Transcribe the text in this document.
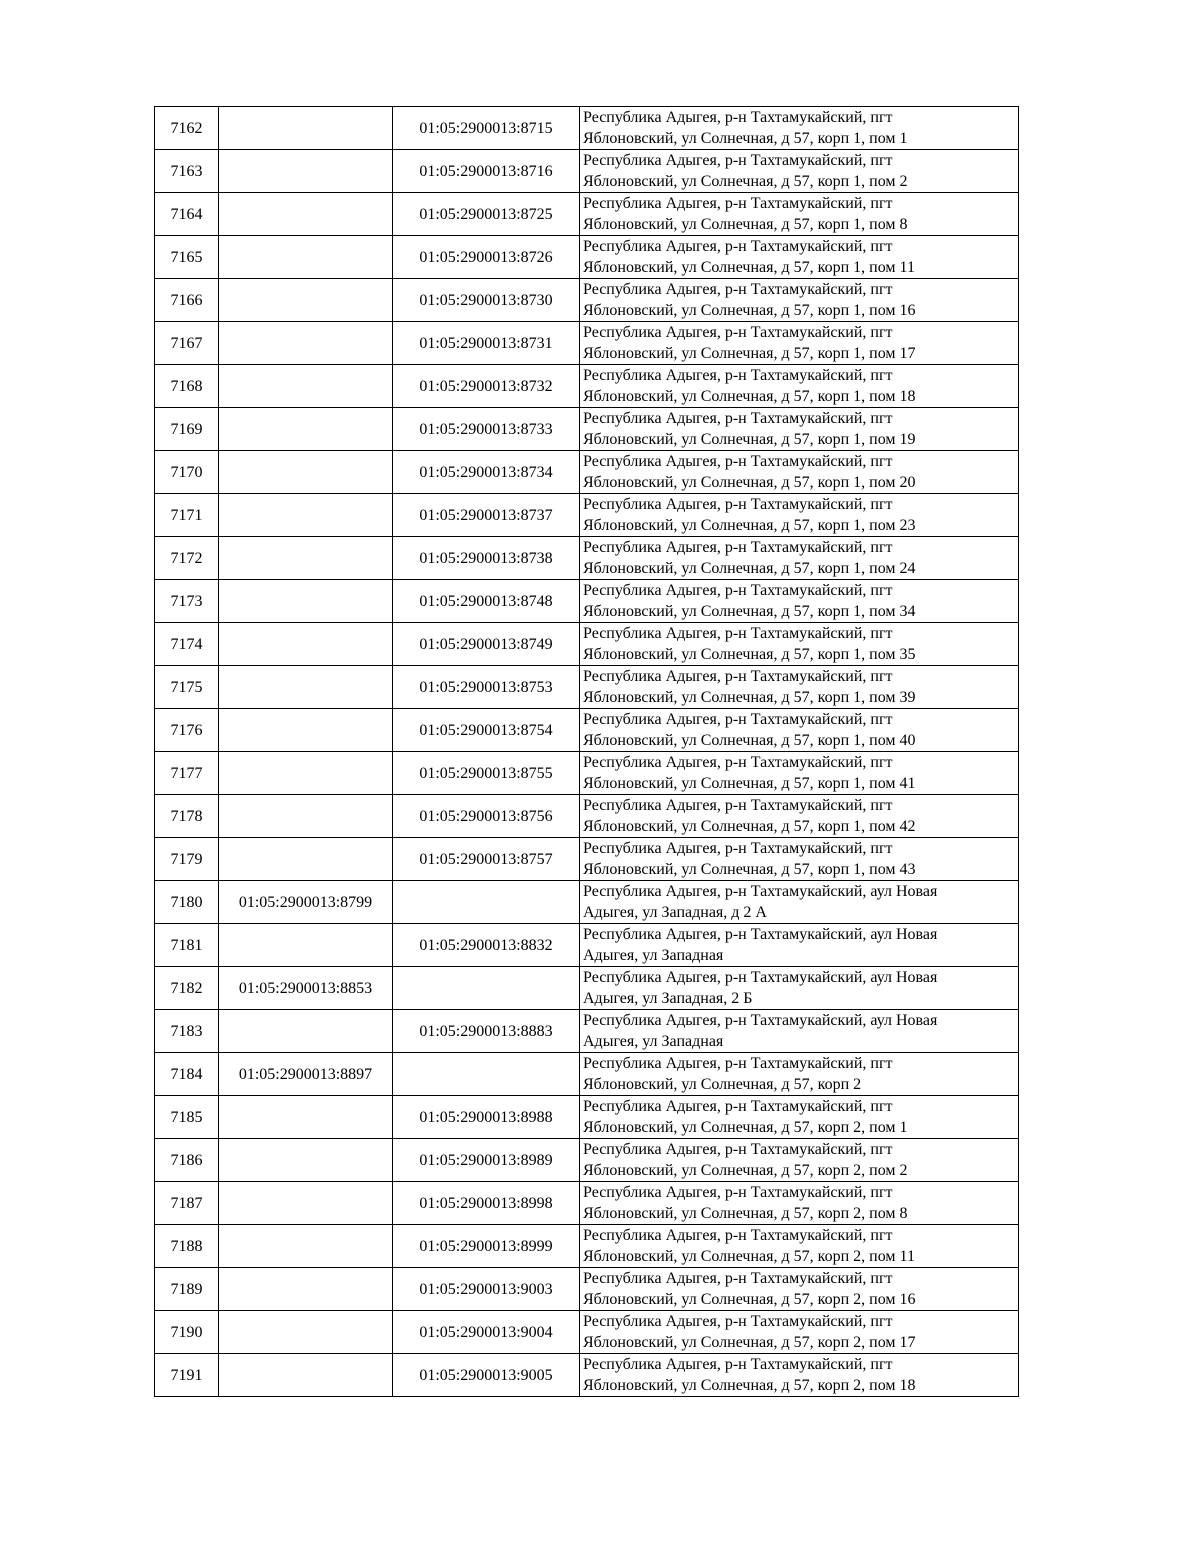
7162		01:05:2900013:8715	Республика Адыгея, р-н Тахтамукайский, пгт
Яблоновский, ул Солнечная, д 57, корп 1, пом 1

7163		01:05:2900013:8716	Республика Адыгея, р-н Тахтамукайский, пгт
Яблоновский, ул Солнечная, д 57, корп 1, пом 2

7164		01:05:2900013:8725	Республика Адыгея, р-н Тахтамукайский, пгт
Яблоновский, ул Солнечная, д 57, корп 1, пом 8

7165		01:05:2900013:8726	Республика Адыгея, р-н Тахтамукайский, пгт
Яблоновский, ул Солнечная, д 57, корп 1, пом 11

7166		01:05:2900013:8730	Республика Адыгея, р-н Тахтамукайский, пгт
Яблоновский, ул Солнечная, д 57, корп 1, пом 16

7167		01:05:2900013:8731	Республика Адыгея, р-н Тахтамукайский, пгт
Яблоновский, ул Солнечная, д 57, корп 1, пом 17

7168		01:05:2900013:8732	Республика Адыгея, р-н Тахтамукайский, пгт
Яблоновский, ул Солнечная, д 57, корп 1, пом 18

7169		01:05:2900013:8733	Республика Адыгея, р-н Тахтамукайский, пгт
Яблоновский, ул Солнечная, д 57, корп 1, пом 19

7170		01:05:2900013:8734	Республика Адыгея, р-н Тахтамукайский, пгт
Яблоновский, ул Солнечная, д 57, корп 1, пом 20

7171		01:05:2900013:8737	Республика Адыгея, р-н Тахтамукайский, пгт
Яблоновский, ул Солнечная, д 57, корп 1, пом 23

7172		01:05:2900013:8738	Республика Адыгея, р-н Тахтамукайский, пгт
Яблоновский, ул Солнечная, д 57, корп 1, пом 24

7173		01:05:2900013:8748	Республика Адыгея, р-н Тахтамукайский, пгт
Яблоновский, ул Солнечная, д 57, корп 1, пом 34

7174		01:05:2900013:8749	Республика Адыгея, р-н Тахтамукайский, пгт
Яблоновский, ул Солнечная, д 57, корп 1, пом 35

7175		01:05:2900013:8753	Республика Адыгея, р-н Тахтамукайский, пгт
Яблоновский, ул Солнечная, д 57, корп 1, пом 39

7176		01:05:2900013:8754	Республика Адыгея, р-н Тахтамукайский, пгт
Яблоновский, ул Солнечная, д 57, корп 1, пом 40

7177		01:05:2900013:8755	Республика Адыгея, р-н Тахтамукайский, пгт
Яблоновский, ул Солнечная, д 57, корп 1, пом 41

7178		01:05:2900013:8756	Республика Адыгея, р-н Тахтамукайский, пгт
Яблоновский, ул Солнечная, д 57, корп 1, пом 42

7179		01:05:2900013:8757	Республика Адыгея, р-н Тахтамукайский, пгт
Яблоновский, ул Солнечная, д 57, корп 1, пом 43

7180	01:05:2900013:8799		Республика Адыгея, р-н Тахтамукайский, аул Новая
Адыгея, ул Западная, д 2 А

7181		01:05:2900013:8832	Республика Адыгея, р-н Тахтамукайский, аул Новая
Адыгея, ул Западная

7182	01:05:2900013:8853		Республика Адыгея, р-н Тахтамукайский, аул Новая
Адыгея, ул Западная, 2 Б

7183		01:05:2900013:8883	Республика Адыгея, р-н Тахтамукайский, аул Новая
Адыгея, ул Западная

7184	01:05:2900013:8897		Республика Адыгея, р-н Тахтамукайский, пгт
Яблоновский, ул Солнечная, д 57, корп 2

7185		01:05:2900013:8988	Республика Адыгея, р-н Тахтамукайский, пгт
Яблоновский, ул Солнечная, д 57, корп 2, пом 1

7186		01:05:2900013:8989	Республика Адыгея, р-н Тахтамукайский, пгт
Яблоновский, ул Солнечная, д 57, корп 2, пом 2

7187		01:05:2900013:8998	Республика Адыгея, р-н Тахтамукайский, пгт
Яблоновский, ул Солнечная, д 57, корп 2, пом 8

7188		01:05:2900013:8999	Республика Адыгея, р-н Тахтамукайский, пгт
Яблоновский, ул Солнечная, д 57, корп 2, пом 11

7189		01:05:2900013:9003	Республика Адыгея, р-н Тахтамукайский, пгт
Яблоновский, ул Солнечная, д 57, корп 2, пом 16

7190		01:05:2900013:9004	Республика Адыгея, р-н Тахтамукайский, пгт
Яблоновский, ул Солнечная, д 57, корп 2, пом 17

7191		01:05:2900013:9005	Республика Адыгея, р-н Тахтамукайский, пгт
Яблоновский, ул Солнечная, д 57, корп 2, пом 18
